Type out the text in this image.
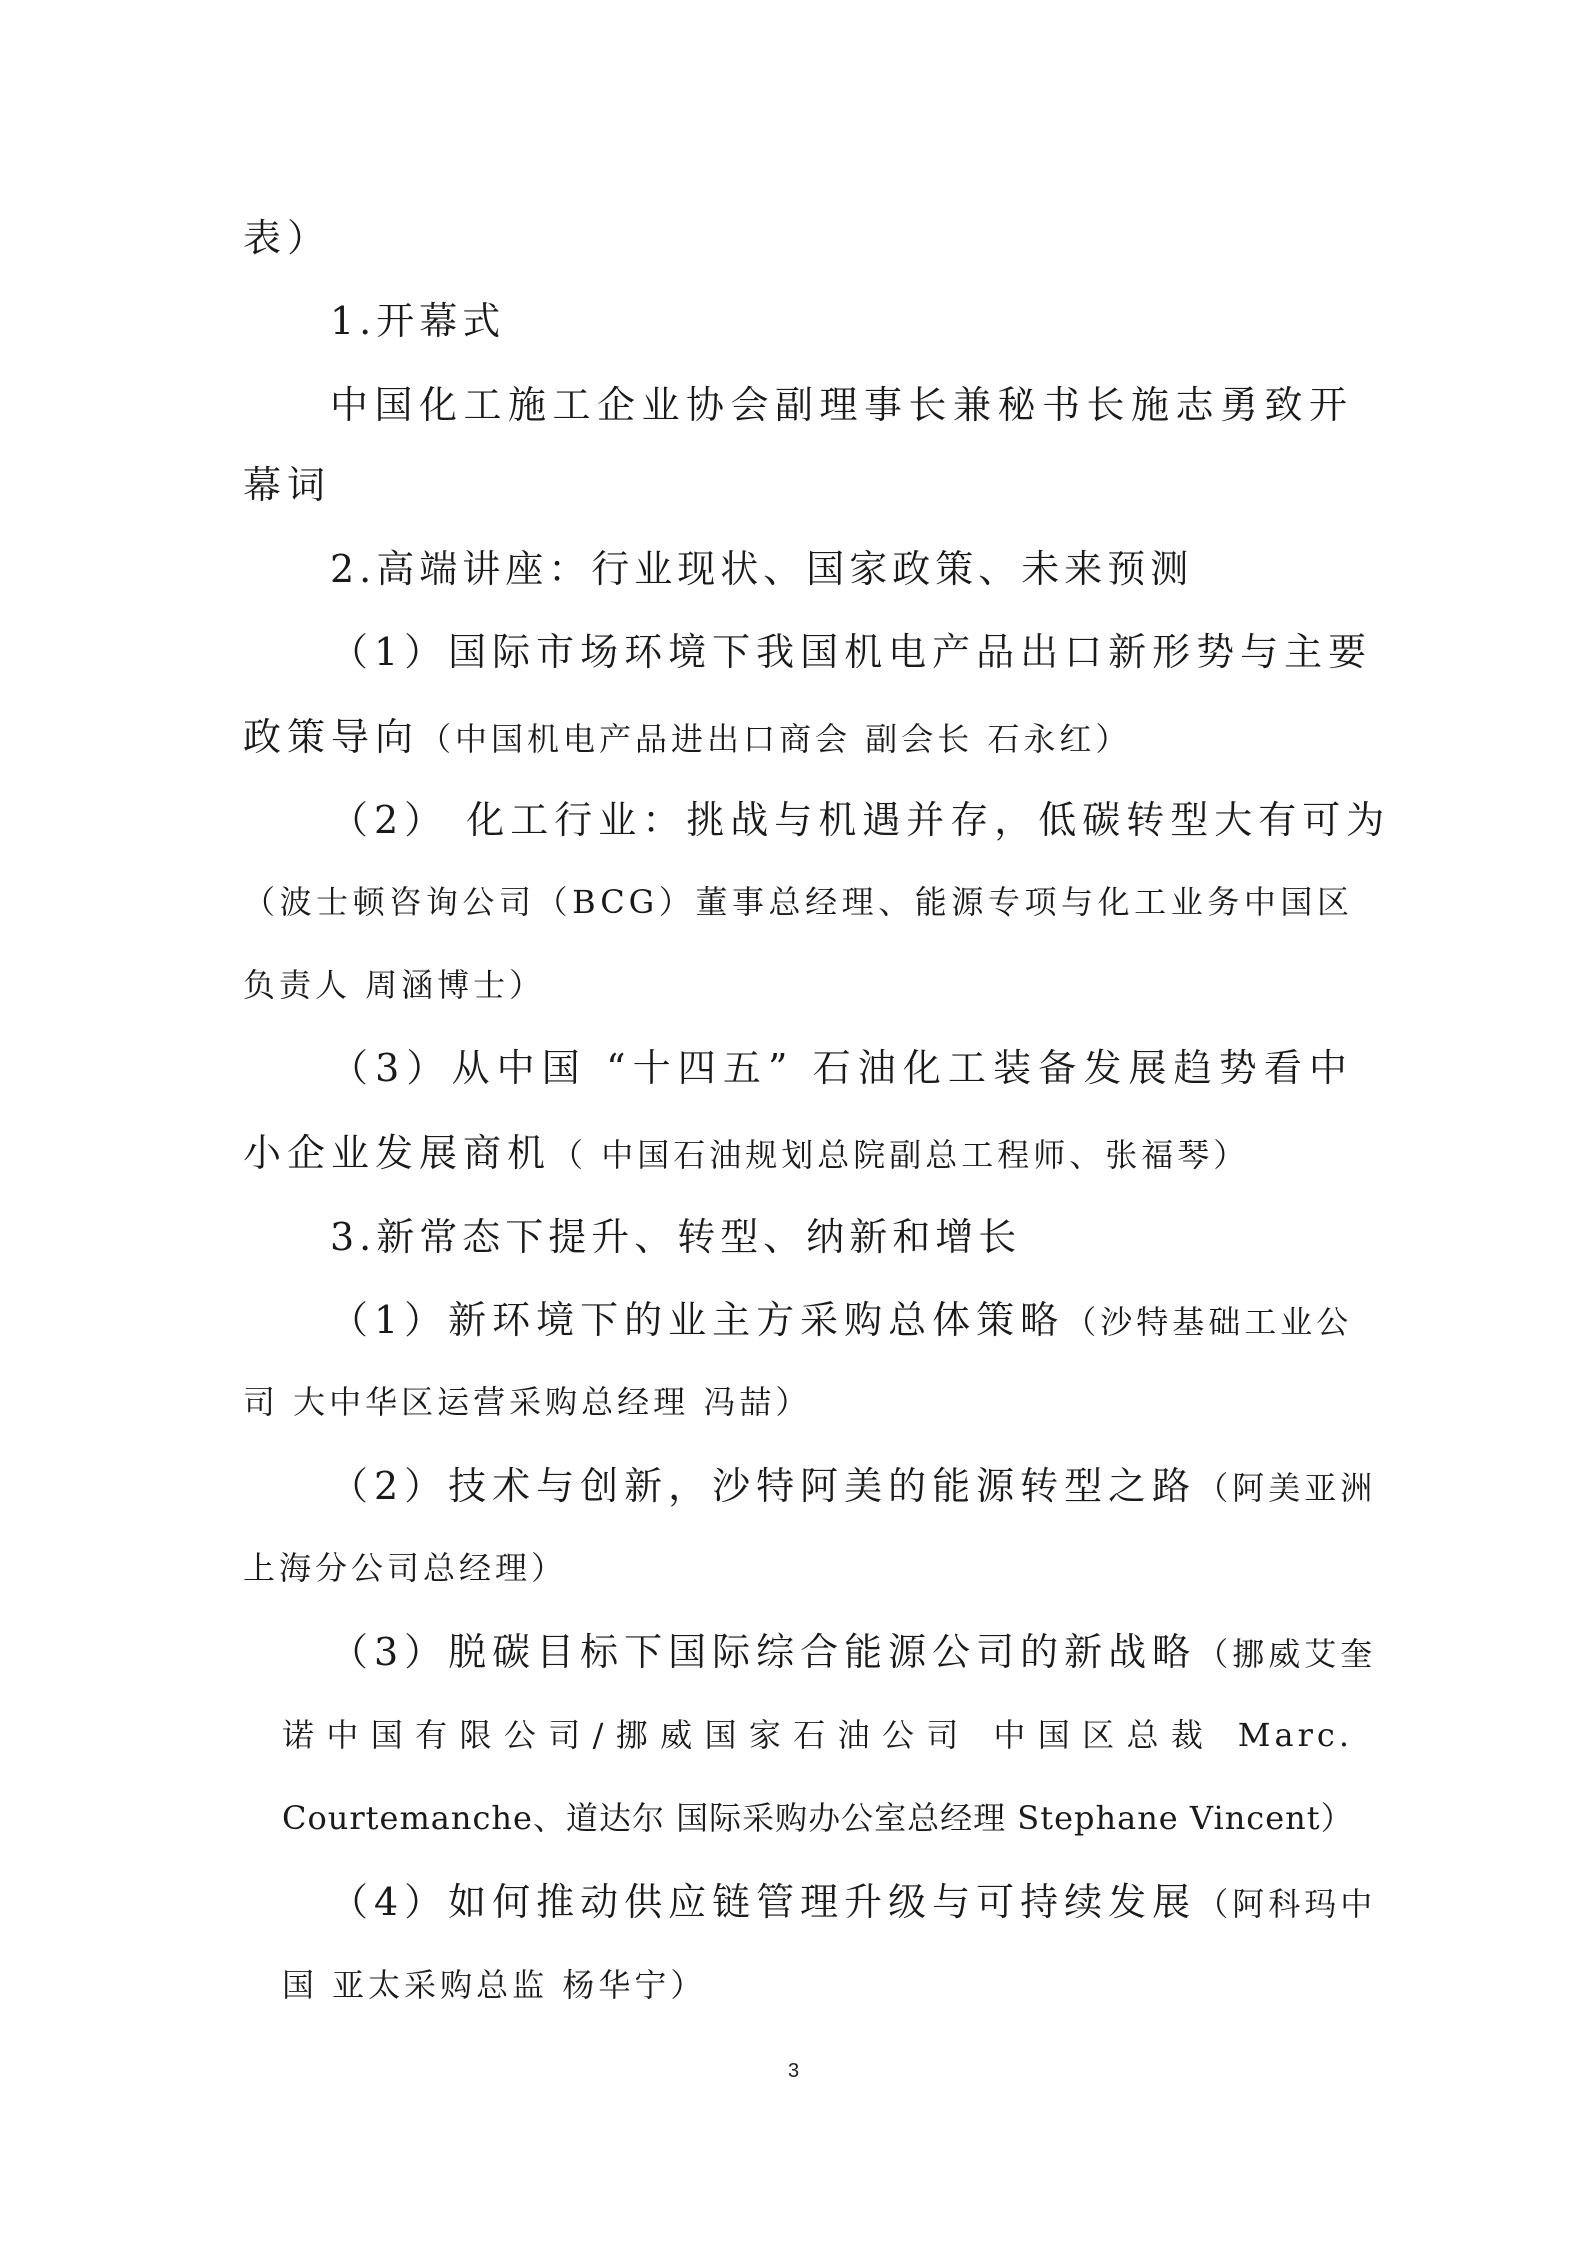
表）
1.开幕式
中国化工施工企业协会副理事长兼秘书长施志勇致开
幕词
2.高端讲座：行业现状、国家政策、未来预测
（1）国际市场环境下我国机电产品出口新形势与主要
政策导向（中国机电产品进出口商会 副会长 石永红）
（2） 化工行业：挑战与机遇并存，低碳转型大有可为
（波士顿咨询公司（BCG）董事总经理、能源专项与化工业务中国区
负责人 周涵博士）
（3）从中国 “十四五” 石油化工装备发展趋势看中
小企业发展商机（ 中国石油规划总院副总工程师、张福琴）
3.新常态下提升、转型、纳新和增长
（1）新环境下的业主方采购总体策略（沙特基础工业公
司 大中华区运营采购总经理 冯喆）
（2）技术与创新，沙特阿美的能源转型之路（阿美亚洲
上海分公司总经理）
（3）脱碳目标下国际综合能源公司的新战略（挪威艾奎
诺中国有限公司/挪威国家石油公司 中国区总裁 Marc.
Courtemanche、道达尔 国际采购办公室总经理 Stephane Vincent）
（4）如何推动供应链管理升级与可持续发展（阿科玛中
国 亚太采购总监 杨华宁）
3
